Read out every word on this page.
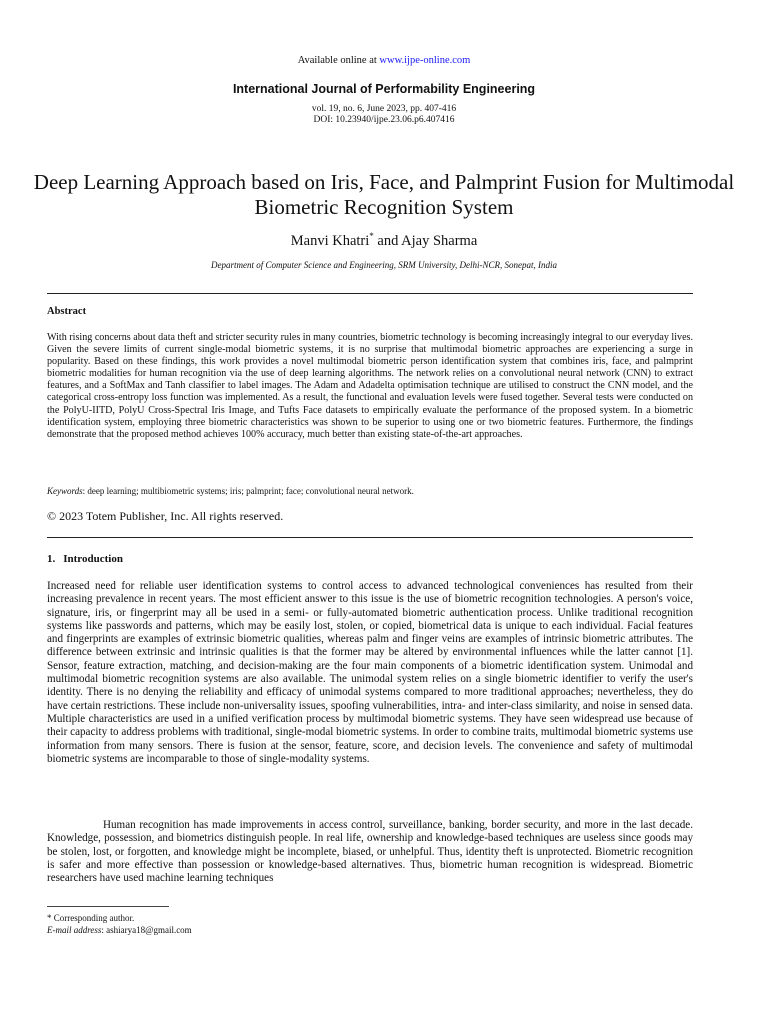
Available online at www.ijpe-online.com
International Journal of Performability Engineering
vol. 19, no. 6, June 2023, pp. 407-416
DOI: 10.23940/ijpe.23.06.p6.407416
Deep Learning Approach based on Iris, Face, and Palmprint Fusion for Multimodal Biometric Recognition System
Manvi Khatri* and Ajay Sharma
Department of Computer Science and Engineering, SRM University, Delhi-NCR, Sonepat, India
Abstract
With rising concerns about data theft and stricter security rules in many countries, biometric technology is becoming increasingly integral to our everyday lives. Given the severe limits of current single-modal biometric systems, it is no surprise that multimodal biometric approaches are experiencing a surge in popularity. Based on these findings, this work provides a novel multimodal biometric person identification system that combines iris, face, and palmprint biometric modalities for human recognition via the use of deep learning algorithms. The network relies on a convolutional neural network (CNN) to extract features, and a SoftMax and Tanh classifier to label images. The Adam and Adadelta optimisation technique are utilised to construct the CNN model, and the categorical cross-entropy loss function was implemented. As a result, the functional and evaluation levels were fused together. Several tests were conducted on the PolyU-IITD, PolyU Cross-Spectral Iris Image, and Tufts Face datasets to empirically evaluate the performance of the proposed system. In a biometric identification system, employing three biometric characteristics was shown to be superior to using one or two biometric features. Furthermore, the findings demonstrate that the proposed method achieves 100% accuracy, much better than existing state-of-the-art approaches.
Keywords: deep learning; multibiometric systems; iris; palmprint; face; convolutional neural network.
© 2023 Totem Publisher, Inc. All rights reserved.
1. Introduction
Increased need for reliable user identification systems to control access to advanced technological conveniences has resulted from their increasing prevalence in recent years. The most efficient answer to this issue is the use of biometric recognition technologies. A person's voice, signature, iris, or fingerprint may all be used in a semi- or fully-automated biometric authentication process. Unlike traditional recognition systems like passwords and patterns, which may be easily lost, stolen, or copied, biometrical data is unique to each individual. Facial features and fingerprints are examples of extrinsic biometric qualities, whereas palm and finger veins are examples of intrinsic biometric attributes. The difference between extrinsic and intrinsic qualities is that the former may be altered by environmental influences while the latter cannot [1]. Sensor, feature extraction, matching, and decision-making are the four main components of a biometric identification system. Unimodal and multimodal biometric recognition systems are also available. The unimodal system relies on a single biometric identifier to verify the user's identity. There is no denying the reliability and efficacy of unimodal systems compared to more traditional approaches; nevertheless, they do have certain restrictions. These include non-universality issues, spoofing vulnerabilities, intra- and inter-class similarity, and noise in sensed data. Multiple characteristics are used in a unified verification process by multimodal biometric systems. They have seen widespread use because of their capacity to address problems with traditional, single-modal biometric systems. In order to combine traits, multimodal biometric systems use information from many sensors. There is fusion at the sensor, feature, score, and decision levels. The convenience and safety of multimodal biometric systems are incomparable to those of single-modality systems.
Human recognition has made improvements in access control, surveillance, banking, border security, and more in the last decade. Knowledge, possession, and biometrics distinguish people. In real life, ownership and knowledge-based techniques are useless since goods may be stolen, lost, or forgotten, and knowledge might be incomplete, biased, or unhelpful. Thus, identity theft is unprotected. Biometric recognition is safer and more effective than possession or knowledge-based alternatives. Thus, biometric human recognition is widespread. Biometric researchers have used machine learning techniques
* Corresponding author.
E-mail address: ashiarya18@gmail.com
